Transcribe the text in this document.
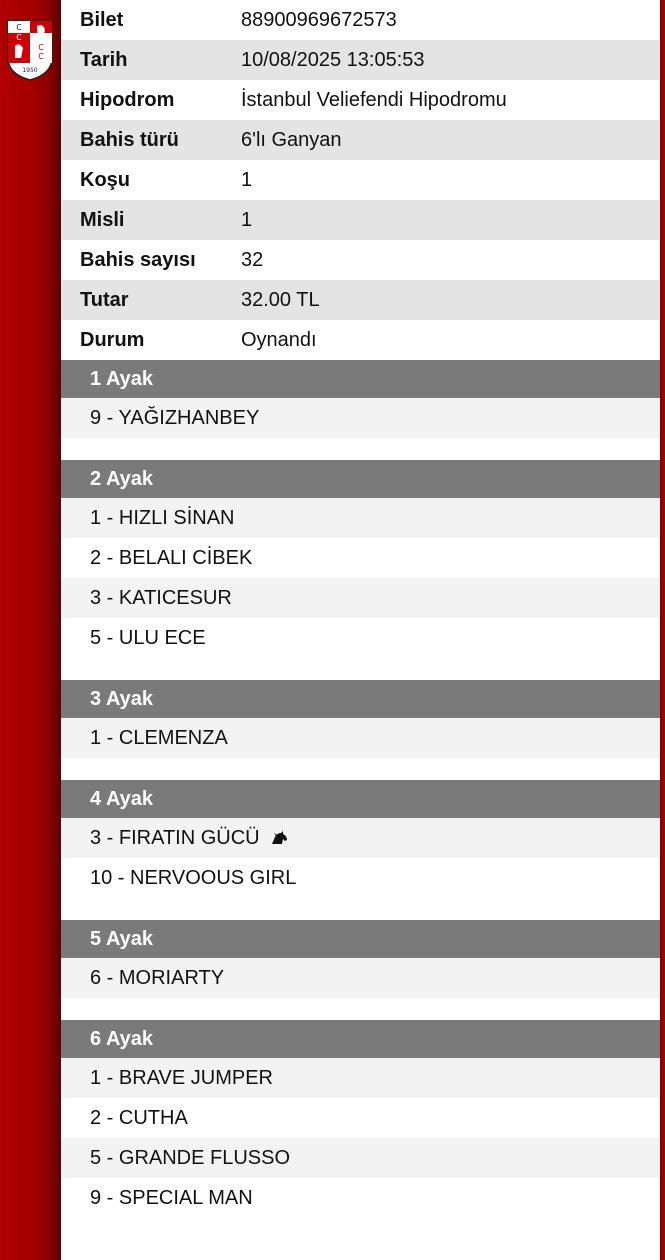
C
C
C
C
1950
Bilet	88900969672573
Tarih	10/08/2025 13:05:53
Hipodrom	İstanbul Veliefendi Hipodromu
Bahis türü	6'lı Ganyan
Koşu	1
Misli	1
Bahis sayısı	32
Tutar	32.00 TL
Durum	Oynandı
1 Ayak
9 - YAĞIZHANBEY
2 Ayak
1 - HIZLI SİNAN
2 - BELALI CİBEK
3 - KATICESUR
5 - ULU ECE
3 Ayak
1 - CLEMENZA
4 Ayak
3 - FIRATIN GÜCÜ
10 - NERVOOUS GIRL
5 Ayak
6 - MORIARTY
6 Ayak
1 - BRAVE JUMPER
2 - CUTHA
5 - GRANDE FLUSSO
9 - SPECIAL MAN
